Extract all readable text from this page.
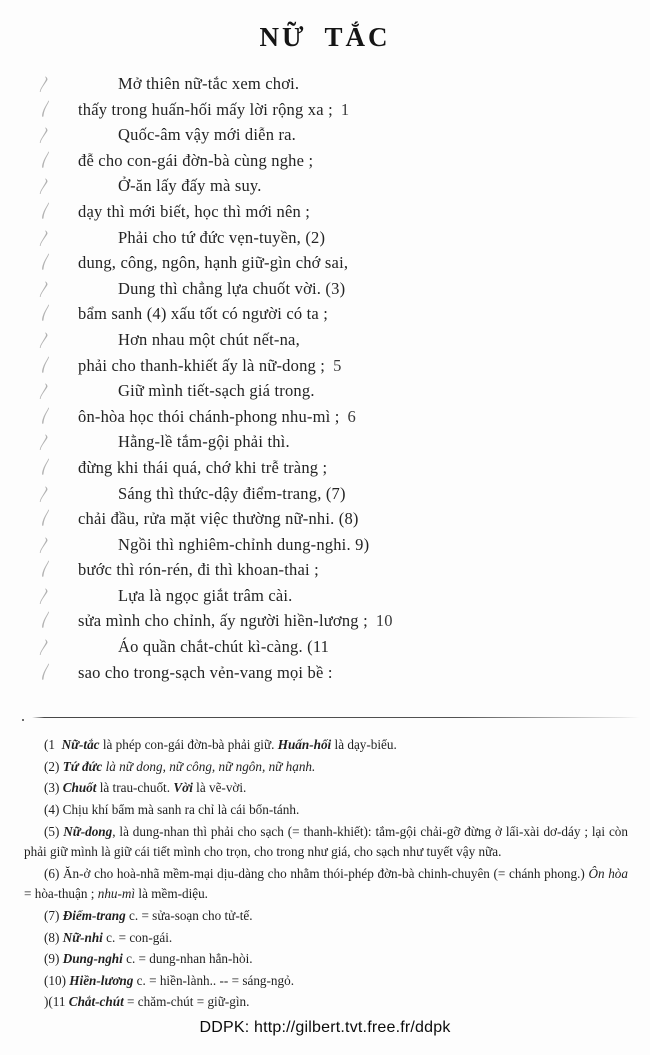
NỮ TẮC
〳	Mở thiên nữ-tắc xem chơi.
〵 thấy trong huấn-hối mấy lời rộng xa ; 1
〳	Quốc-âm vậy mới diễn ra.
〵 đễ cho con-gái đờn-bà cùng nghe ;
〳	Ở-ăn lấy đấy mà suy.
〵 dạy thì mới biết, học thì mới nên ;
〳	Phải cho tứ đức vẹn-tuyền, (2)
〵 dung, công, ngôn, hạnh giữ-gìn chớ sai,
〳	Dung thì chẳng lựa chuốt vời. (3)
〵 bẩm sanh (4) xấu tốt có người có ta ;
〳	Hơn nhau một chút nết-na,
〵 phải cho thanh-khiết ấy là nữ-dong ; 5
〳	Giữ mình tiết-sạch giá trong.
〵 ôn-hòa học thói chánh-phong nhu-mì ; 6
〳	Hằng-lề tắm-gội phải thì.
〵 đừng khi thái quá, chớ khi trễ tràng ;
〳	Sáng thì thức-dậy điểm-trang, (7)
〵 chải đầu, rửa mặt việc thường nữ-nhi. (8)
〳	Ngồi thì nghiêm-chỉnh dung-nghi. 9)
〵 bước thì rón-rén, đi thì khoan-thai ;
〳	Lựa là ngọc giắt trâm cài.
〵 sửa mình cho chỉnh, ấy người hiền-lương ; 10
〳	Áo quần chắt-chút kì-càng. (11
〵 sao cho trong-sạch vẻn-vang mọi bề :

(1  Nữ-tắc là phép con-gái đờn-bà phải giữ. Huấn-hối là dạy-biểu.

(2) Tứ đức là nữ dong, nữ công, nữ ngôn, nữ hạnh.

(3) Chuốt là trau-chuốt. Vời là vẽ-vời.

(4) Chịu khí bẩm mà sanh ra chỉ là cái bổn-tánh.

(5) Nữ-dong, là dung-nhan thì phải cho sạch (= thanh-khiết): tắm-gội chải-gỡ đừng ở lấi-xài dơ-dáy ; lại còn phải giữ mình là giữ cái tiết mình cho trọn, cho trong như giá, cho sạch như tuyết vậy nữa.

(6) Ăn-ở cho hoà-nhã mềm-mại dịu-dàng cho nhằm thói-phép đờn-bà chinh-chuyên (= chánh phong.) Ôn hòa = hòa-thuận ; nhu-mì là mềm-diệu.

(7) Điểm-trang c. = sửa-soạn cho tử-tế.

(8) Nữ-nhi c. = con-gái.

(9) Dung-nghi c. = dung-nhan hẳn-hòi.

(10) Hiền-lương c. = hiền-lành.. -- = sáng-ngỏ.

)(11 Chắt-chút = chăm-chút = giữ-gìn.

DDPK: http://gilbert.tvt.free.fr/ddpk
